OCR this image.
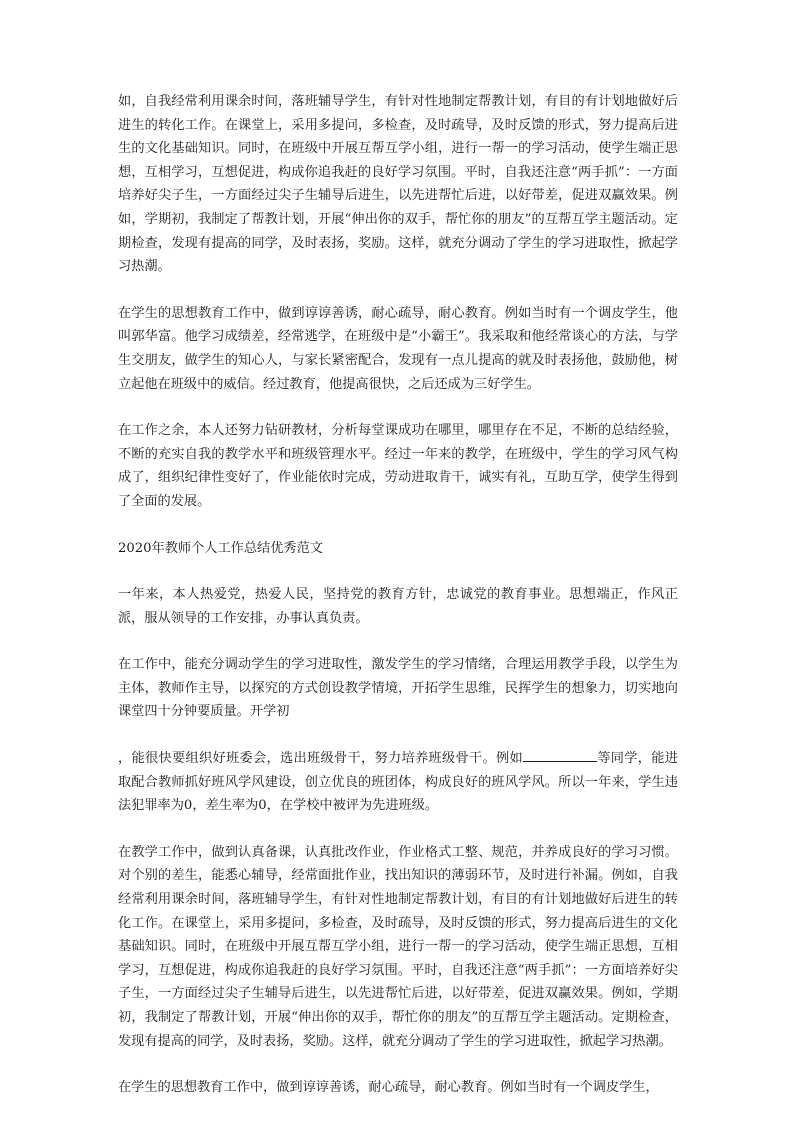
如，自我经常利用课余时间，落班辅导学生，有针对性地制定帮教计划，有目的有计划地做好后进生的转化工作。在课堂上，采用多提问，多检查，及时疏导，及时反馈的形式，努力提高后进生的文化基础知识。同时，在班级中开展互帮互学小组，进行一帮一的学习活动，使学生端正思想，互相学习，互想促进，构成你追我赶的良好学习氛围。平时，自我还注意“两手抓”：一方面培养好尖子生，一方面经过尖子生辅导后进生，以先进帮忙后进，以好带差，促进双赢效果。例如，学期初，我制定了帮教计划，开展“伸出你的双手，帮忙你的朋友”的互帮互学主题活动。定期检查，发现有提高的同学，及时表扬，奖励。这样，就充分调动了学生的学习进取性，掀起学习热潮。

在学生的思想教育工作中，做到谆谆善诱，耐心疏导，耐心教育。例如当时有一个调皮学生，他叫郭华富。他学习成绩差，经常逃学，在班级中是“小霸王”。我采取和他经常谈心的方法，与学生交朋友，做学生的知心人，与家长紧密配合，发现有一点儿提高的就及时表扬他，鼓励他，树立起他在班级中的威信。经过教育，他提高很快，之后还成为三好学生。

在工作之余，本人还努力钻研教材，分析每堂课成功在哪里，哪里存在不足，不断的总结经验，不断的充实自我的教学水平和班级管理水平。经过一年来的教学，在班级中，学生的学习风气构成了，组织纪律性变好了，作业能依时完成，劳动进取肯干，诚实有礼，互助互学，使学生得到了全面的发展。

2020年教师个人工作总结优秀范文

一年来，本人热爱党，热爱人民，坚持党的教育方针，忠诚党的教育事业。思想端正，作风正派，服从领导的工作安排，办事认真负责。

在工作中，能充分调动学生的学习进取性，激发学生的学习情绪，合理运用教学手段，以学生为主体，教师作主导，以探究的方式创设教学情境，开拓学生思维，民挥学生的想象力，切实地向课堂四十分钟要质量。开学初

，能很快要组织好班委会，选出班级骨干，努力培养班级骨干。例如	等同学，能进取配合教师抓好班风学风建设，创立优良的班团体，构成良好的班风学风。所以一年来，学生违法犯罪率为0，差生率为0，在学校中被评为先进班级。

在教学工作中，做到认真备课，认真批改作业，作业格式工整、规范，并养成良好的学习习惯。对个别的差生，能悉心辅导，经常面批作业，找出知识的薄弱环节，及时进行补漏。例如，自我经常利用课余时间，落班辅导学生，有针对性地制定帮教计划，有目的有计划地做好后进生的转化工作。在课堂上，采用多提问，多检查，及时疏导，及时反馈的形式，努力提高后进生的文化基础知识。同时，在班级中开展互帮互学小组，进行一帮一的学习活动，使学生端正思想，互相学习，互想促进，构成你追我赶的良好学习氛围。平时，自我还注意“两手抓”：一方面培养好尖子生，一方面经过尖子生辅导后进生，以先进帮忙后进，以好带差，促进双赢效果。例如，学期初，我制定了帮教计划，开展“伸出你的双手，帮忙你的朋友”的互帮互学主题活动。定期检查，发现有提高的同学，及时表扬，奖励。这样，就充分调动了学生的学习进取性，掀起学习热潮。

在学生的思想教育工作中，做到谆谆善诱，耐心疏导，耐心教育。例如当时有一个调皮学生，
